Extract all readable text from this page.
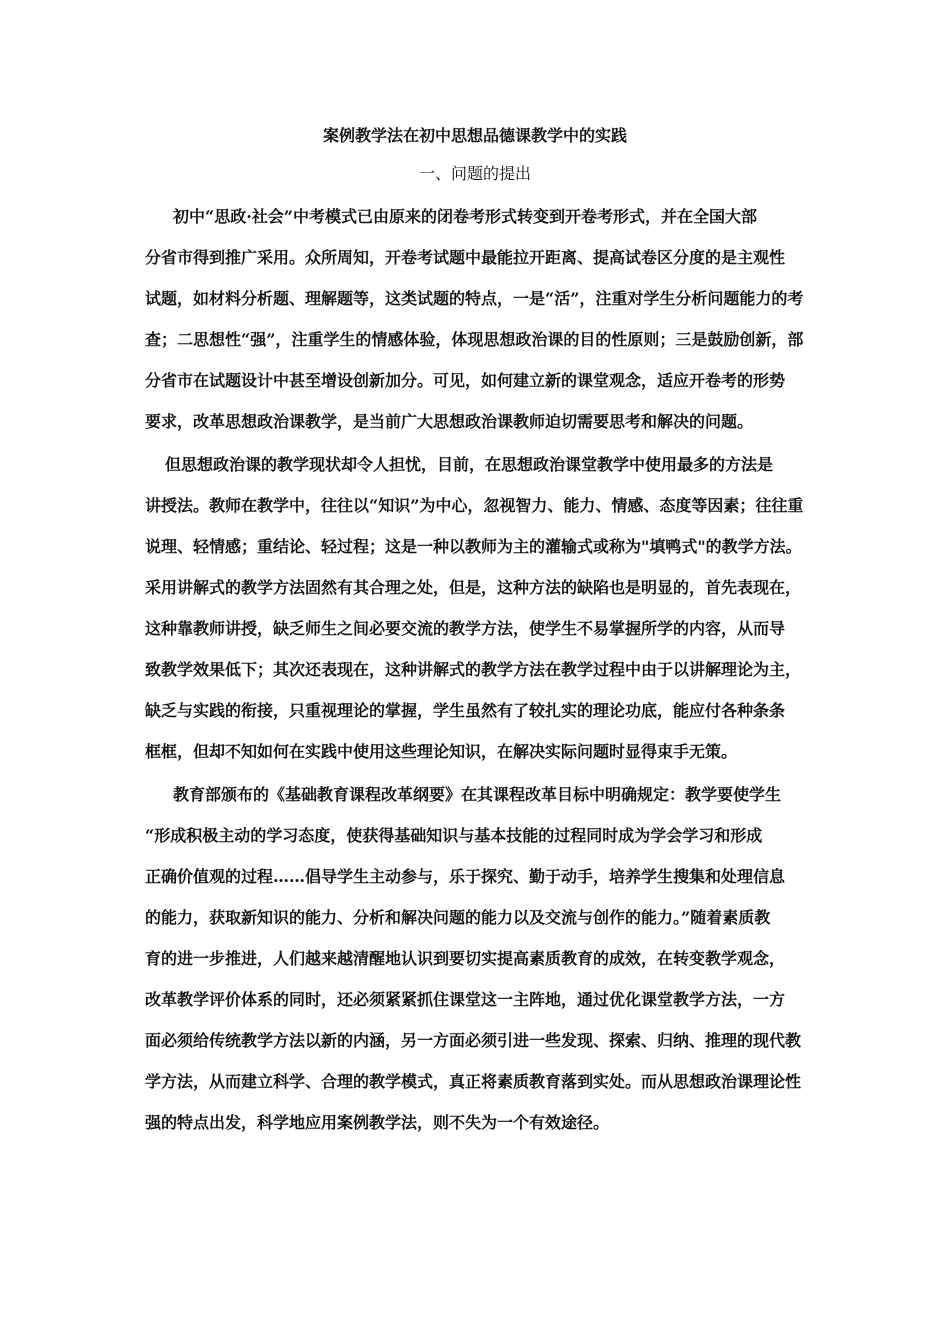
案例教学法在初中思想品德课教学中的实践
一、问题的提出
初中“思政·社会”中考模式已由原来的闭卷考形式转变到开卷考形式，并在全国大部
分省市得到推广采用。众所周知，开卷考试题中最能拉开距离、提高试卷区分度的是主观性
试题，如材料分析题、理解题等，这类试题的特点，一是“活”，注重对学生分析问题能力的考
查；二思想性“强”，注重学生的情感体验，体现思想政治课的目的性原则；三是鼓励创新，部
分省市在试题设计中甚至增设创新加分。可见，如何建立新的课堂观念，适应开卷考的形势
要求，改革思想政治课教学，是当前广大思想政治课教师迫切需要思考和解决的问题。
但思想政治课的教学现状却令人担忧，目前，在思想政治课堂教学中使用最多的方法是
讲授法。教师在教学中，往往以“知识”为中心，忽视智力、能力、情感、态度等因素；往往重
说理、轻情感；重结论、轻过程；这是一种以教师为主的灌输式或称为"填鸭式"的教学方法。
采用讲解式的教学方法固然有其合理之处，但是，这种方法的缺陷也是明显的，首先表现在，
这种靠教师讲授，缺乏师生之间必要交流的教学方法，使学生不易掌握所学的内容，从而导
致教学效果低下；其次还表现在，这种讲解式的教学方法在教学过程中由于以讲解理论为主，
缺乏与实践的衔接，只重视理论的掌握，学生虽然有了较扎实的理论功底，能应付各种条条
框框，但却不知如何在实践中使用这些理论知识，在解决实际问题时显得束手无策。
教育部颁布的《基础教育课程改革纲要》在其课程改革目标中明确规定：教学要使学生
“形成积极主动的学习态度，使获得基础知识与基本技能的过程同时成为学会学习和形成
正确价值观的过程……倡导学生主动参与，乐于探究、勤于动手，培养学生搜集和处理信息
的能力，获取新知识的能力、分析和解决问题的能力以及交流与创作的能力。”随着素质教
育的进一步推进，人们越来越清醒地认识到要切实提高素质教育的成效，在转变教学观念，
改革教学评价体系的同时，还必须紧紧抓住课堂这一主阵地，通过优化课堂教学方法，一方
面必须给传统教学方法以新的内涵，另一方面必须引进一些发现、探索、归纳、推理的现代教
学方法，从而建立科学、合理的教学模式，真正将素质教育落到实处。而从思想政治课理论性
强的特点出发，科学地应用案例教学法，则不失为一个有效途径。
